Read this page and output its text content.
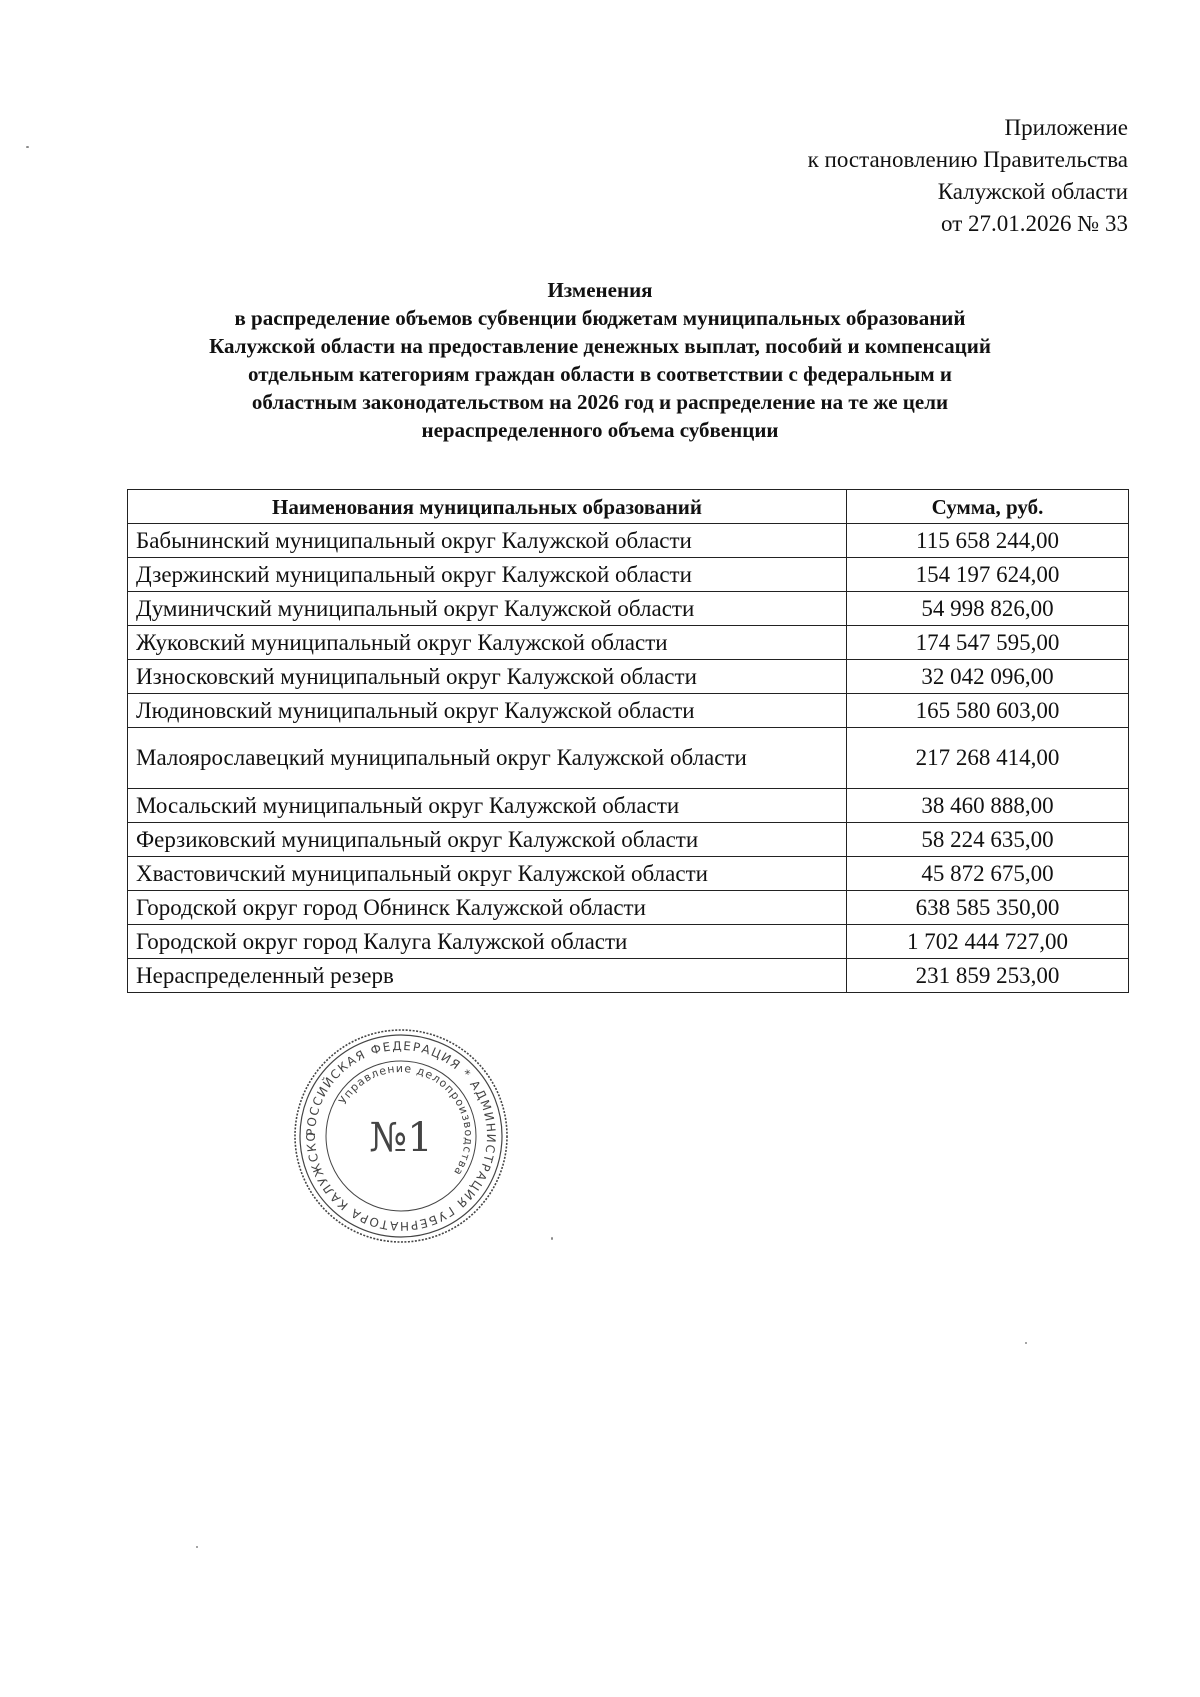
Приложение
к постановлению Правительства
Калужской области
от 27.01.2026 № 33
Изменения
в распределение объемов субвенции бюджетам муниципальных образований
Калужской области на предоставление денежных выплат, пособий и компенсаций
отдельным категориям граждан области в соответствии с федеральным и
областным законодательством на 2026 год и распределение на те же цели
нераспределенного объема субвенции
Наименования муниципальных образований	Сумма, руб.
Бабынинский муниципальный округ Калужской области	115 658 244,00
Дзержинский муниципальный округ Калужской области	154 197 624,00
Думиничский муниципальный округ Калужской области	54 998 826,00
Жуковский муниципальный округ Калужской области	174 547 595,00
Износковский муниципальный округ Калужской области	32 042 096,00
Людиновский муниципальный округ Калужской области	165 580 603,00
Малоярославецкий муниципальный округ Калужской области	217 268 414,00
Мосальский муниципальный округ Калужской области	38 460 888,00
Ферзиковский муниципальный округ Калужской области	58 224 635,00
Хвастовичский муниципальный округ Калужской области	45 872 675,00
Городской округ город Обнинск Калужской области	638 585 350,00
Городской округ город Калуга Калужской области	1 702 444 727,00
Нераспределенный резерв	231 859 253,00
РОССИЙСКАЯ ФЕДЕРАЦИЯ * АДМИНИСТРАЦИЯ ГУБЕРНАТОРА КАЛУЖСКО
Управление делопроизводства
№1
